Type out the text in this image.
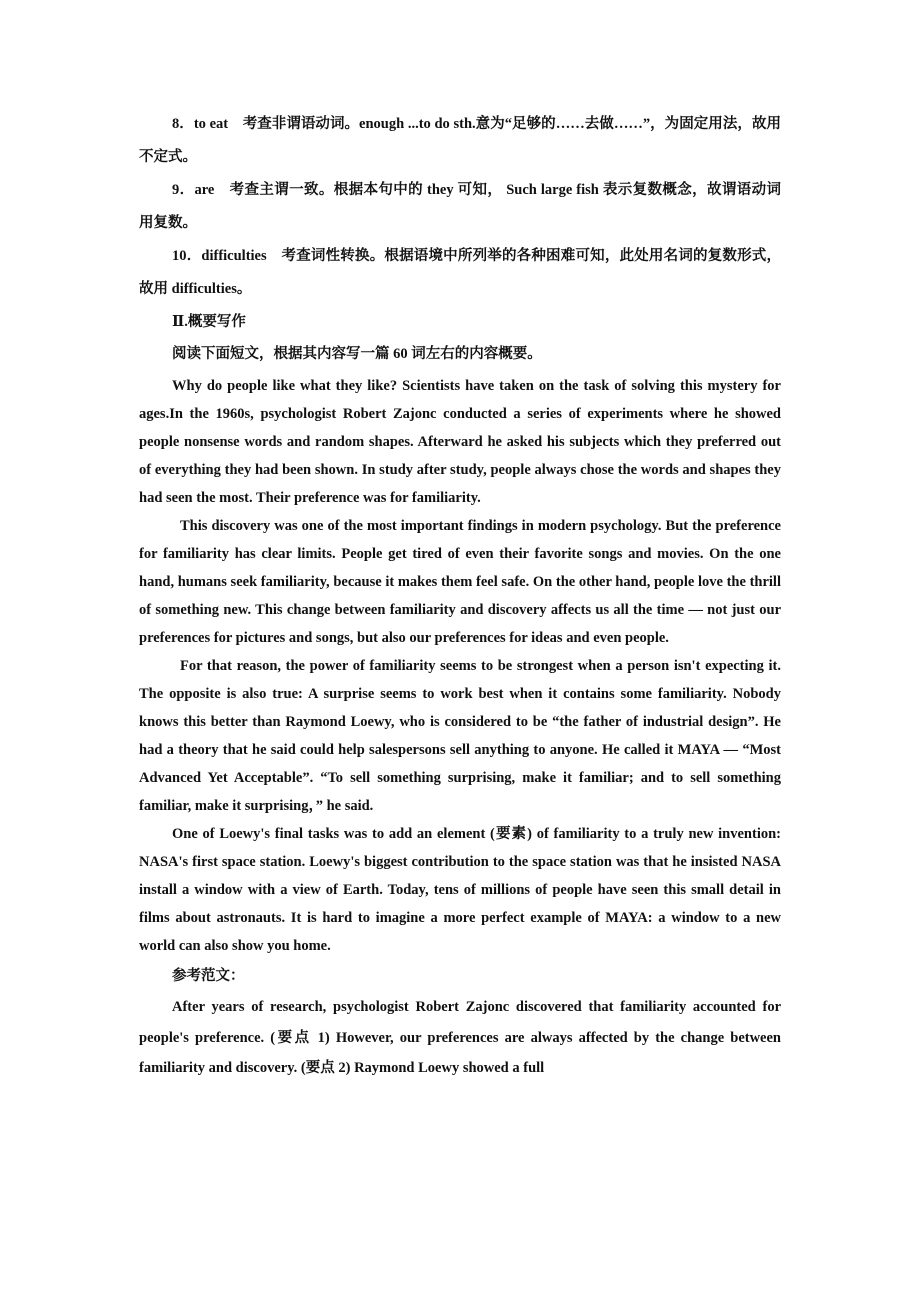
8．to eat　考查非谓语动词。enough ...to do sth.意为“足够的……去做……”，为固定用法，故用不定式。

9．are　考查主谓一致。根据本句中的 they 可知， Such large fish 表示复数概念，故谓语动词用复数。

10．difficulties　考查词性转换。根据语境中所列举的各种困难可知，此处用名词的复数形式，故用 difficulties。

Ⅱ.概要写作

阅读下面短文，根据其内容写一篇 60 词左右的内容概要。

Why do people like what they like? Scientists have taken on the task of solving this mystery for ages.In the 1960s, psychologist Robert Zajonc conducted a series of experiments where he showed people nonsense words and random shapes. Afterward he asked his subjects which they preferred out of everything they had been shown. In study after study, people always chose the words and shapes they had seen the most. Their preference was for familiarity.

This discovery was one of the most important findings in modern psychology. But the preference for familiarity has clear limits. People get tired of even their favorite songs and movies. On the one hand, humans seek familiarity, because it makes them feel safe. On the other hand, people love the thrill of something new. This change between familiarity and discovery affects us all the time — not just our preferences for pictures and songs, but also our preferences for ideas and even people.

For that reason, the power of familiarity seems to be strongest when a person isn't expecting it. The opposite is also true: A surprise seems to work best when it contains some familiarity. Nobody knows this better than Raymond Loewy, who is considered to be “the father of industrial design”. He had a theory that he said could help salespersons sell anything to anyone. He called it MAYA — “Most Advanced Yet Acceptable”. “To sell something surprising, make it familiar; and to sell something familiar, make it surprising，” he said.

One of Loewy's final tasks was to add an element (要素) of familiarity to a truly new invention: NASA's first space station. Loewy's biggest contribution to the space station was that he insisted NASA install a window with a view of Earth. Today, tens of millions of people have seen this small detail in films about astronauts. It is hard to imagine a more perfect example of MAYA: a window to a new world can also show you home.

参考范文：

After years of research, psychologist Robert Zajonc discovered that familiarity accounted for people's preference. (要点 1) However, our preferences are always affected by the change between familiarity and discovery. (要点 2) Raymond Loewy showed a full
